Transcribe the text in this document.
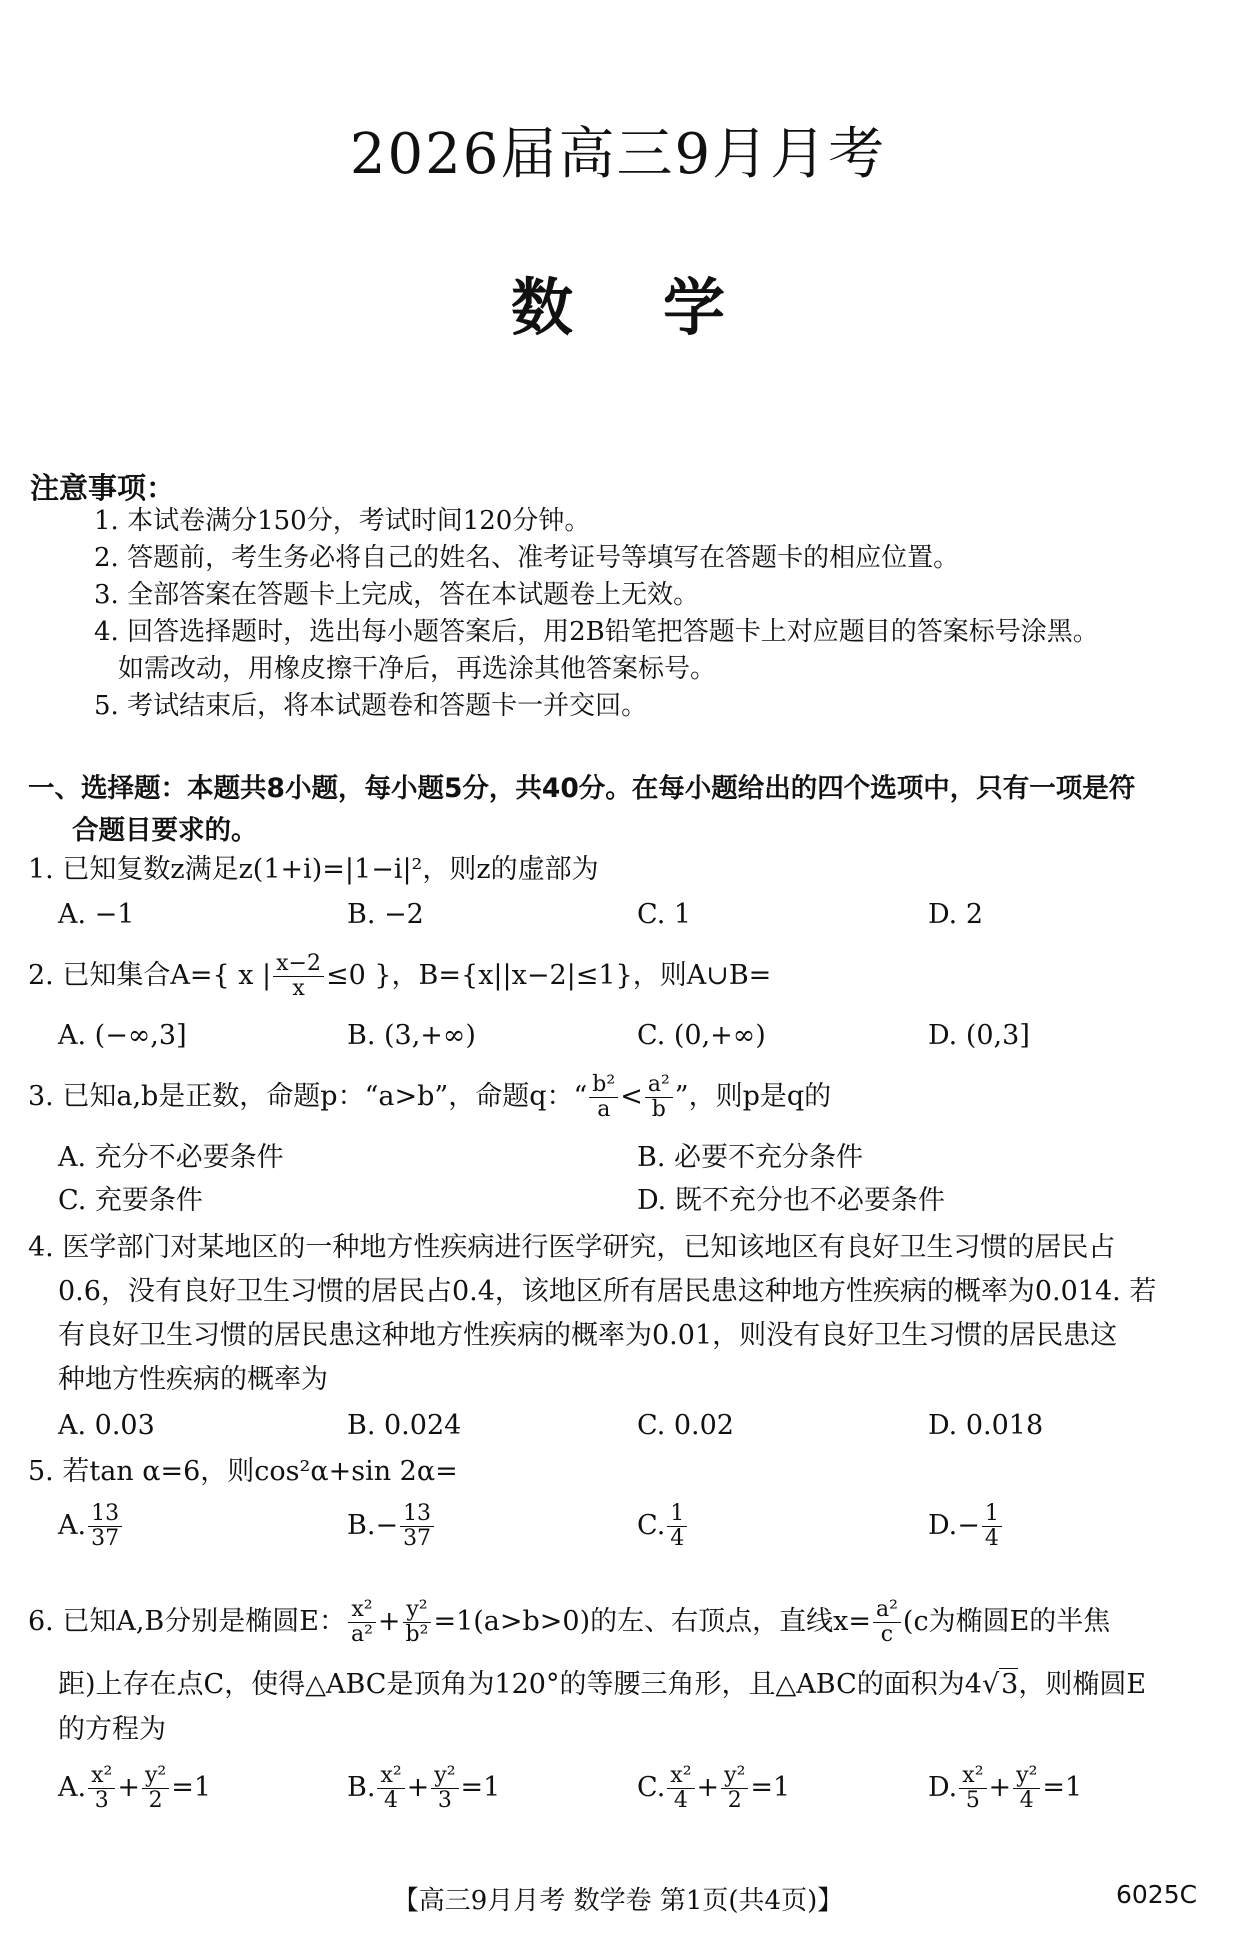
2026届高三9月月考
数学
注意事项：
1. 本试卷满分150分，考试时间120分钟。
2. 答题前，考生务必将自己的姓名、准考证号等填写在答题卡的相应位置。
3. 全部答案在答题卡上完成，答在本试题卷上无效。
4. 回答选择题时，选出每小题答案后，用2B铅笔把答题卡上对应题目的答案标号涂黑。
如需改动，用橡皮擦干净后，再选涂其他答案标号。
5. 考试结束后，将本试题卷和答题卡一并交回。
一、选择题：本题共8小题，每小题5分，共40分。在每小题给出的四个选项中，只有一项是符
合题目要求的。
1. 已知复数z满足z(1+i)=|1−i|²，则z的虚部为
A. −1	B. −2	C. 1	D. 2
2. 已知集合A={ x | $\frac{x-2}{x} \le 0$ }，B={x||x−2|≤1}，则A∪B=
A. (−∞,3]	B. (3,+∞)	C. (0,+∞)	D. (0,3]
3. 已知a,b是正数，命题p：“a>b”，命题q：“ $\frac{\text{b²}}{a} < \frac{\text{a²}}{b}$ ”，则p是q的
A. 充分不必要条件	B. 必要不充分条件
C. 充要条件	D. 既不充分也不必要条件
4. 医学部门对某地区的一种地方性疾病进行医学研究，已知该地区有良好卫生习惯的居民占
0.6，没有良好卫生习惯的居民占0.4，该地区所有居民患这种地方性疾病的概率为0.014. 若
有良好卫生习惯的居民患这种地方性疾病的概率为0.01，则没有良好卫生习惯的居民患这
种地方性疾病的概率为
A. 0.03	B. 0.024	C. 0.02	D. 0.018
5. 若tan α=6，则cos²α+sin 2α=
A. $\frac{13}{37}$	$B.- \frac{13}{37}$	C. $\frac{1}{4}$	$D.- \frac{1}{4}$
6. 已知A,B分别是椭圆E： $\frac{\text{x²}}{\text{a²}} + \frac{\text{y²}}{\text{b²}} =1(a>b>0)$的左、右顶点，直线$x= \frac{\text{a²}}{c} (c$为椭圆E的半焦
距)上存在点C，使得△ABC是顶角为120°的等腰三角形，且△ABC的面积为4√3，则椭圆E
的方程为
A. $\frac{\text{x²}}{3} + \frac{\text{y²}}{2} =1$	B. $\frac{\text{x²}}{4} + \frac{\text{y²}}{3} =1$	C. $\frac{\text{x²}}{4} + \frac{\text{y²}}{2} =1$	D. $\frac{\text{x²}}{5} + \frac{\text{y²}}{4} =1$
【高三9月月考 数学卷 第1页(共4页)】	6025C
